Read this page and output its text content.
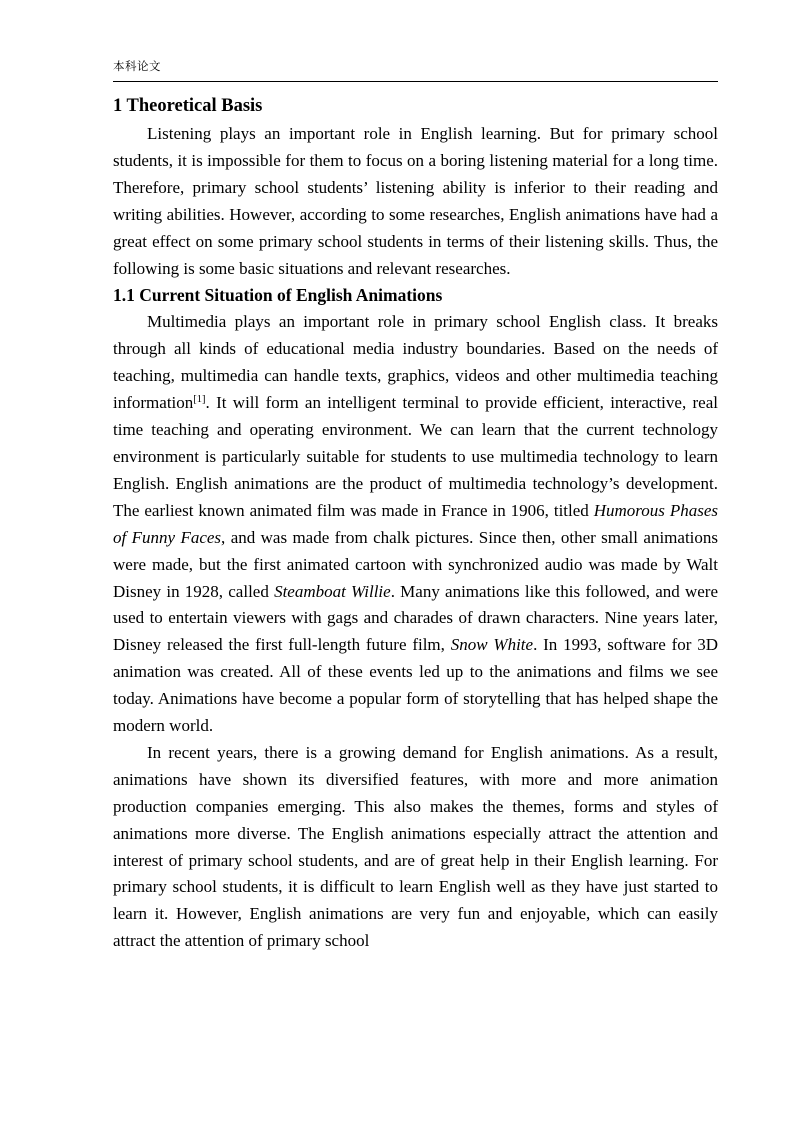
本科论文
1 Theoretical Basis

Listening plays an important role in English learning. But for primary school students, it is impossible for them to focus on a boring listening material for a long time. Therefore, primary school students’ listening ability is inferior to their reading and writing abilities. However, according to some researches, English animations have had a great effect on some primary school students in terms of their listening skills. Thus, the following is some basic situations and relevant researches.

1.1 Current Situation of English Animations

Multimedia plays an important role in primary school English class. It breaks through all kinds of educational media industry boundaries. Based on the needs of teaching, multimedia can handle texts, graphics, videos and other multimedia teaching information[1]. It will form an intelligent terminal to provide efficient, interactive, real time teaching and operating environment. We can learn that the current technology environment is particularly suitable for students to use multimedia technology to learn English. English animations are the product of multimedia technology’s development. The earliest known animated film was made in France in 1906, titled Humorous Phases of Funny Faces, and was made from chalk pictures. Since then, other small animations were made, but the first animated cartoon with synchronized audio was made by Walt Disney in 1928, called Steamboat Willie. Many animations like this followed, and were used to entertain viewers with gags and charades of drawn characters. Nine years later, Disney released the first full-length future film, Snow White. In 1993, software for 3D animation was created. All of these events led up to the animations and films we see today. Animations have become a popular form of storytelling that has helped shape the modern world.

In recent years, there is a growing demand for English animations. As a result, animations have shown its diversified features, with more and more animation production companies emerging. This also makes the themes, forms and styles of animations more diverse. The English animations especially attract the attention and interest of primary school students, and are of great help in their English learning. For primary school students, it is difficult to learn English well as they have just started to learn it. However, English animations are very fun and enjoyable, which can easily attract the attention of primary school
